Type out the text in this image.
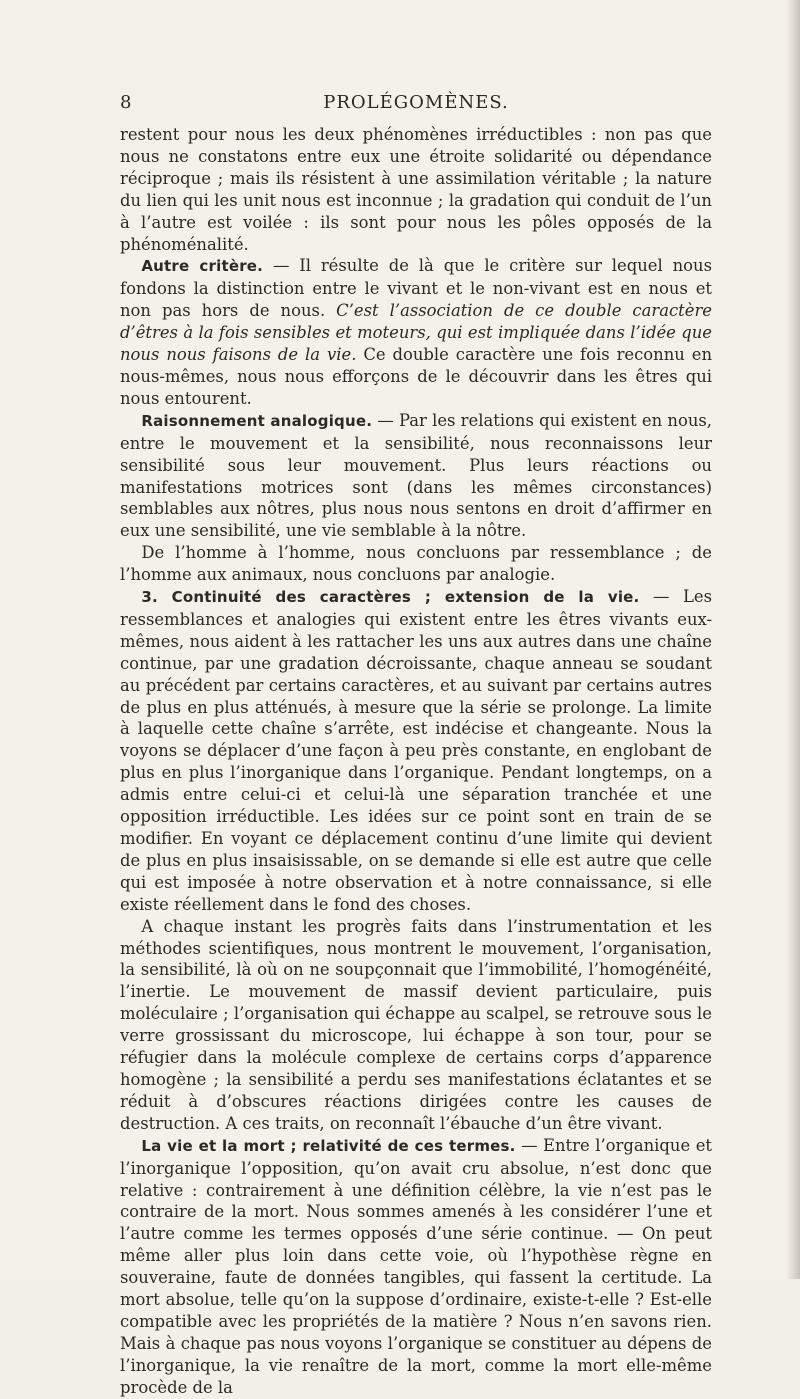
8	PROLÉGOMÈNES.

restent pour nous les deux phénomènes irréductibles : non pas que nous ne constatons entre eux une étroite solidarité ou dépendance réciproque ; mais ils résistent à une assimilation véritable ; la nature du lien qui les unit nous est inconnue ; la gradation qui conduit de l’un à l’autre est voilée : ils sont pour nous les pôles opposés de la phénoménalité.

Autre critère. — Il résulte de là que le critère sur lequel nous fondons la distinction entre le vivant et le non-vivant est en nous et non pas hors de nous. C’est l’association de ce double caractère d’êtres à la fois sensibles et moteurs, qui est impliquée dans l’idée que nous nous faisons de la vie. Ce double caractère une fois reconnu en nous-mêmes, nous nous efforçons de le découvrir dans les êtres qui nous entourent.

Raisonnement analogique. — Par les relations qui existent en nous, entre le mouvement et la sensibilité, nous reconnaissons leur sensibilité sous leur mouvement. Plus leurs réactions ou manifestations motrices sont (dans les mêmes circonstances) semblables aux nôtres, plus nous nous sentons en droit d’affirmer en eux une sensibilité, une vie semblable à la nôtre.

De l’homme à l’homme, nous concluons par ressemblance ; de l’homme aux animaux, nous concluons par analogie.

3. Continuité des caractères ; extension de la vie. — Les ressemblances et analogies qui existent entre les êtres vivants eux-mêmes, nous aident à les rattacher les uns aux autres dans une chaîne continue, par une gradation décroissante, chaque anneau se soudant au précédent par certains caractères, et au suivant par certains autres de plus en plus atténués, à mesure que la série se prolonge. La limite à laquelle cette chaîne s’arrête, est indécise et changeante. Nous la voyons se déplacer d’une façon à peu près constante, en englobant de plus en plus l’inorganique dans l’organique. Pendant longtemps, on a admis entre celui-ci et celui-là une séparation tranchée et une opposition irréductible. Les idées sur ce point sont en train de se modifier. En voyant ce déplacement continu d’une limite qui devient de plus en plus insaisissable, on se demande si elle est autre que celle qui est imposée à notre observation et à notre connaissance, si elle existe réellement dans le fond des choses.

A chaque instant les progrès faits dans l’instrumentation et les méthodes scientifiques, nous montrent le mouvement, l’organisation, la sensibilité, là où on ne soupçonnait que l’immobilité, l’homogénéité, l’inertie. Le mouvement de massif devient particulaire, puis moléculaire ; l’organisation qui échappe au scalpel, se retrouve sous le verre grossissant du microscope, lui échappe à son tour, pour se réfugier dans la molécule complexe de certains corps d’apparence homogène ; la sensibilité a perdu ses manifestations éclatantes et se réduit à d’obscures réactions dirigées contre les causes de destruction. A ces traits, on reconnaît l’ébauche d’un être vivant.

La vie et la mort ; relativité de ces termes. — Entre l’organique et l’inorganique l’opposition, qu’on avait cru absolue, n’est donc que relative : contrairement à une définition célèbre, la vie n’est pas le contraire de la mort. Nous sommes amenés à les considérer l’une et l’autre comme les termes opposés d’une série continue. — On peut même aller plus loin dans cette voie, où l’hypothèse règne en souveraine, faute de données tangibles, qui fassent la certitude. La mort absolue, telle qu’on la suppose d’ordinaire, existe-t-elle ? Est-elle compatible avec les propriétés de la matière ? Nous n’en savons rien. Mais à chaque pas nous voyons l’organique se constituer au dépens de l’inorganique, la vie renaître de la mort, comme la mort elle-même procède de la
